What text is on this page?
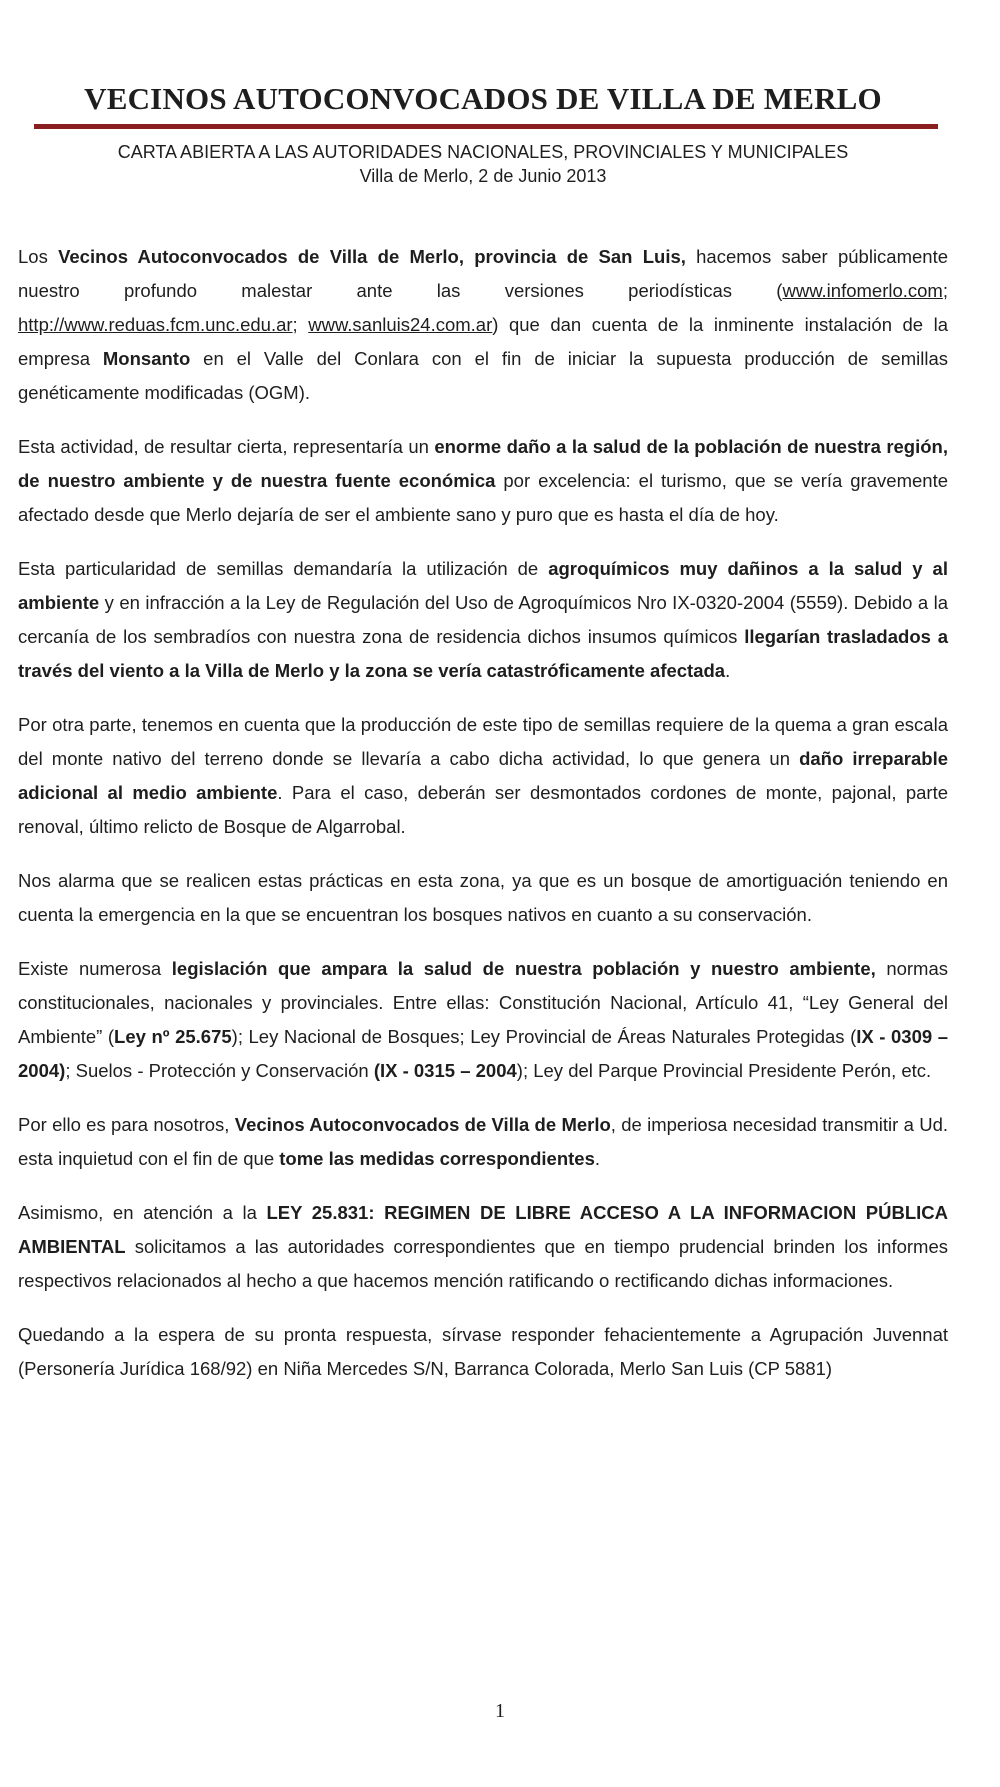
VECINOS AUTOCONVOCADOS DE VILLA DE MERLO
CARTA ABIERTA A LAS AUTORIDADES NACIONALES, PROVINCIALES Y MUNICIPALES
Villa de Merlo, 2 de Junio 2013

Los Vecinos Autoconvocados de Villa de Merlo, provincia de San Luis, hacemos saber públicamente nuestro profundo malestar ante las versiones periodísticas (www.infomerlo.com; http://www.reduas.fcm.unc.edu.ar; www.sanluis24.com.ar) que dan cuenta de la inminente instalación de la empresa Monsanto en el Valle del Conlara con el fin de iniciar la supuesta producción de semillas genéticamente modificadas (OGM).

Esta actividad, de resultar cierta, representaría un enorme daño a la salud de la población de nuestra región, de nuestro ambiente y de nuestra fuente económica por excelencia: el turismo, que se vería gravemente afectado desde que Merlo dejaría de ser el ambiente sano y puro que es hasta el día de hoy.

Esta particularidad de semillas demandaría la utilización de agroquímicos muy dañinos a la salud y al ambiente y en infracción a la Ley de Regulación del Uso de Agroquímicos Nro IX-0320-2004 (5559). Debido a la cercanía de los sembradíos con nuestra zona de residencia dichos insumos químicos llegarían trasladados a través del viento a la Villa de Merlo y la zona se vería catastróficamente afectada.

Por otra parte, tenemos en cuenta que la producción de este tipo de semillas requiere de la quema a gran escala del monte nativo del terreno donde se llevaría a cabo dicha actividad, lo que genera un daño irreparable adicional al medio ambiente. Para el caso, deberán ser desmontados cordones de monte, pajonal, parte renoval, último relicto de Bosque de Algarrobal.

Nos alarma que se realicen estas prácticas en esta zona, ya que es un bosque de amortiguación teniendo en cuenta la emergencia en la que se encuentran los bosques nativos en cuanto a su conservación.

Existe numerosa legislación que ampara la salud de nuestra población y nuestro ambiente, normas constitucionales, nacionales y provinciales. Entre ellas: Constitución Nacional, Artículo 41, “Ley General del Ambiente” (Ley nº 25.675); Ley Nacional de Bosques; Ley Provincial de Áreas Naturales Protegidas (IX - 0309 – 2004); Suelos - Protección y Conservación (IX - 0315 – 2004); Ley del Parque Provincial Presidente Perón, etc.

Por ello es para nosotros, Vecinos Autoconvocados de Villa de Merlo, de imperiosa necesidad transmitir a Ud. esta inquietud con el fin de que tome las medidas correspondientes.

Asimismo, en atención a la LEY 25.831: REGIMEN DE LIBRE ACCESO A LA INFORMACION PÚBLICA AMBIENTAL solicitamos a las autoridades correspondientes que en tiempo prudencial brinden los informes respectivos relacionados al hecho a que hacemos mención ratificando o rectificando dichas informaciones.

Quedando a la espera de su pronta respuesta, sírvase responder fehacientemente a Agrupación Juvennat (Personería Jurídica 168/92) en Niña Mercedes S/N, Barranca Colorada, Merlo San Luis (CP 5881)

1
